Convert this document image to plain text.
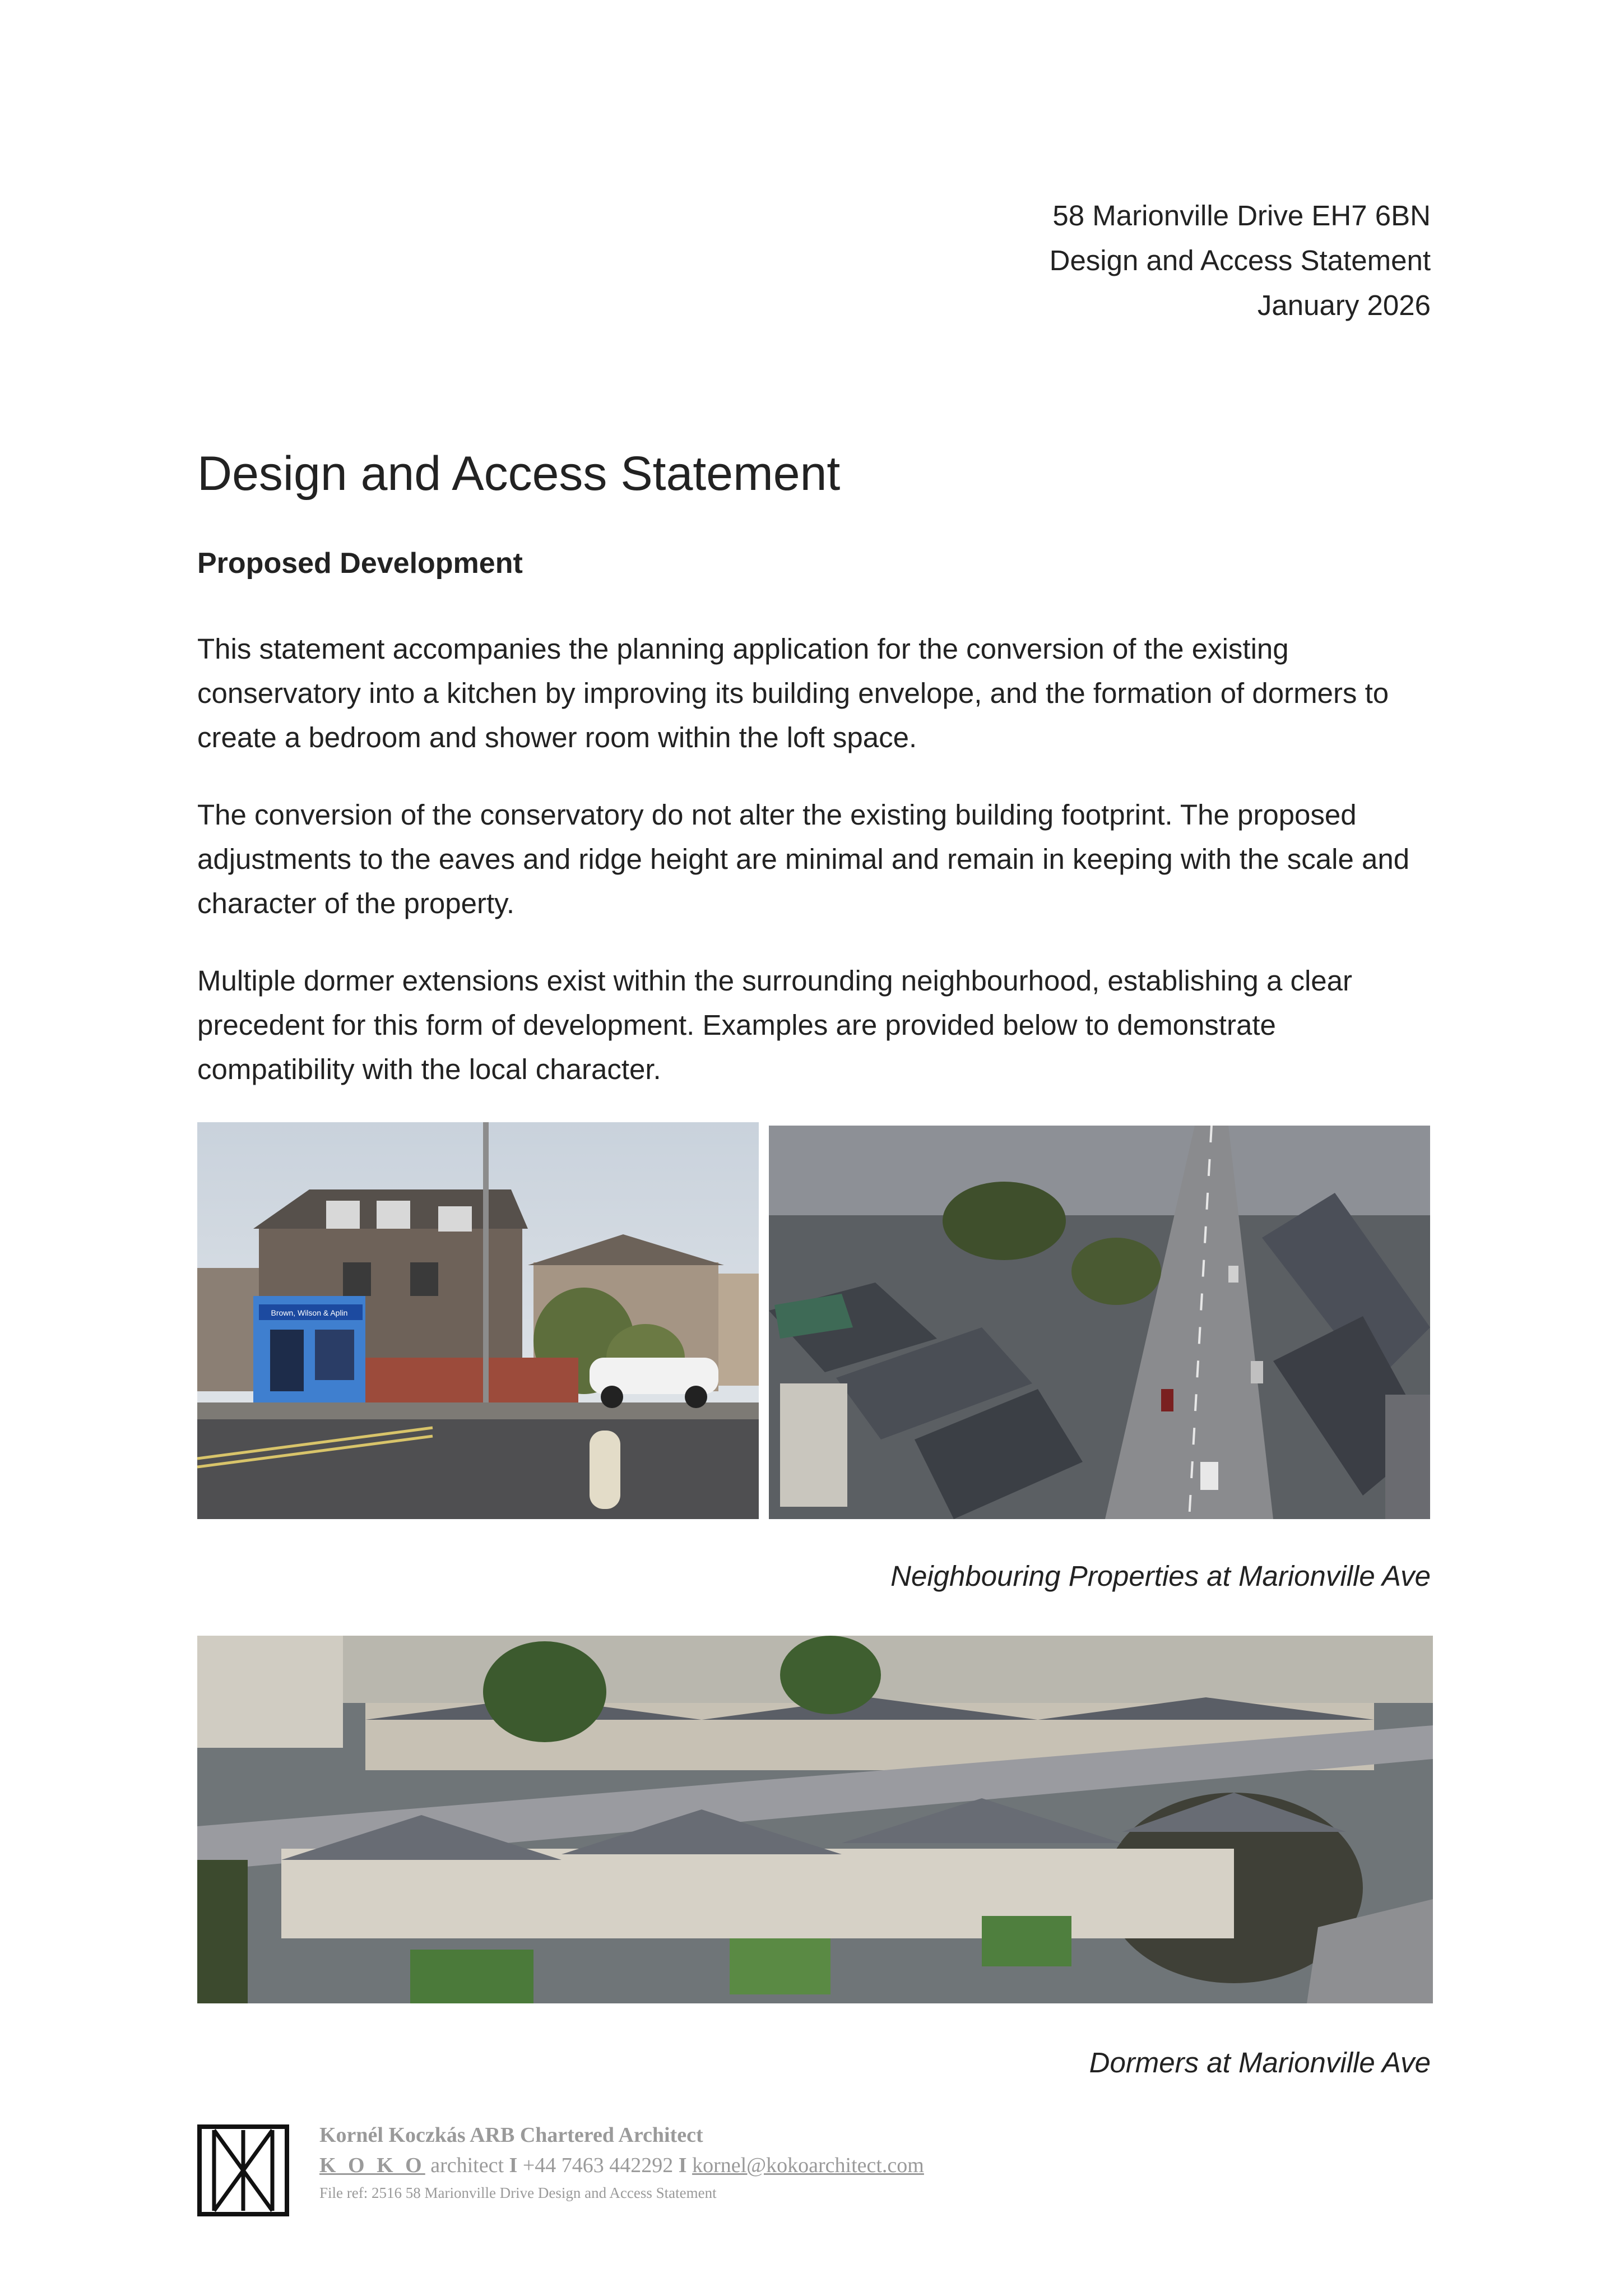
58 Marionville Drive EH7 6BN
Design and Access Statement
January 2026
Design and Access Statement
Proposed Development

This statement accompanies the planning application for the conversion of the existing conservatory into a kitchen by improving its building envelope, and the formation of dormers to create a bedroom and shower room within the loft space.

The conversion of the conservatory do not alter the existing building footprint. The proposed adjustments to the eaves and ridge height are minimal and remain in keeping with the scale and character of the property.

Multiple dormer extensions exist within the surrounding neighbourhood, establishing a clear precedent for this form of development. Examples are provided below to demonstrate compatibility with the local character.

Brown, Wilson & Aplin
Neighbouring Properties at Marionville Ave
Dormers at Marionville Ave
Kornél Koczkás ARB Chartered Architect
K O K O architect I +44 7463 442292 I kornel@kokoarchitect.com
File ref: 2516 58 Marionville Drive Design and Access Statement
